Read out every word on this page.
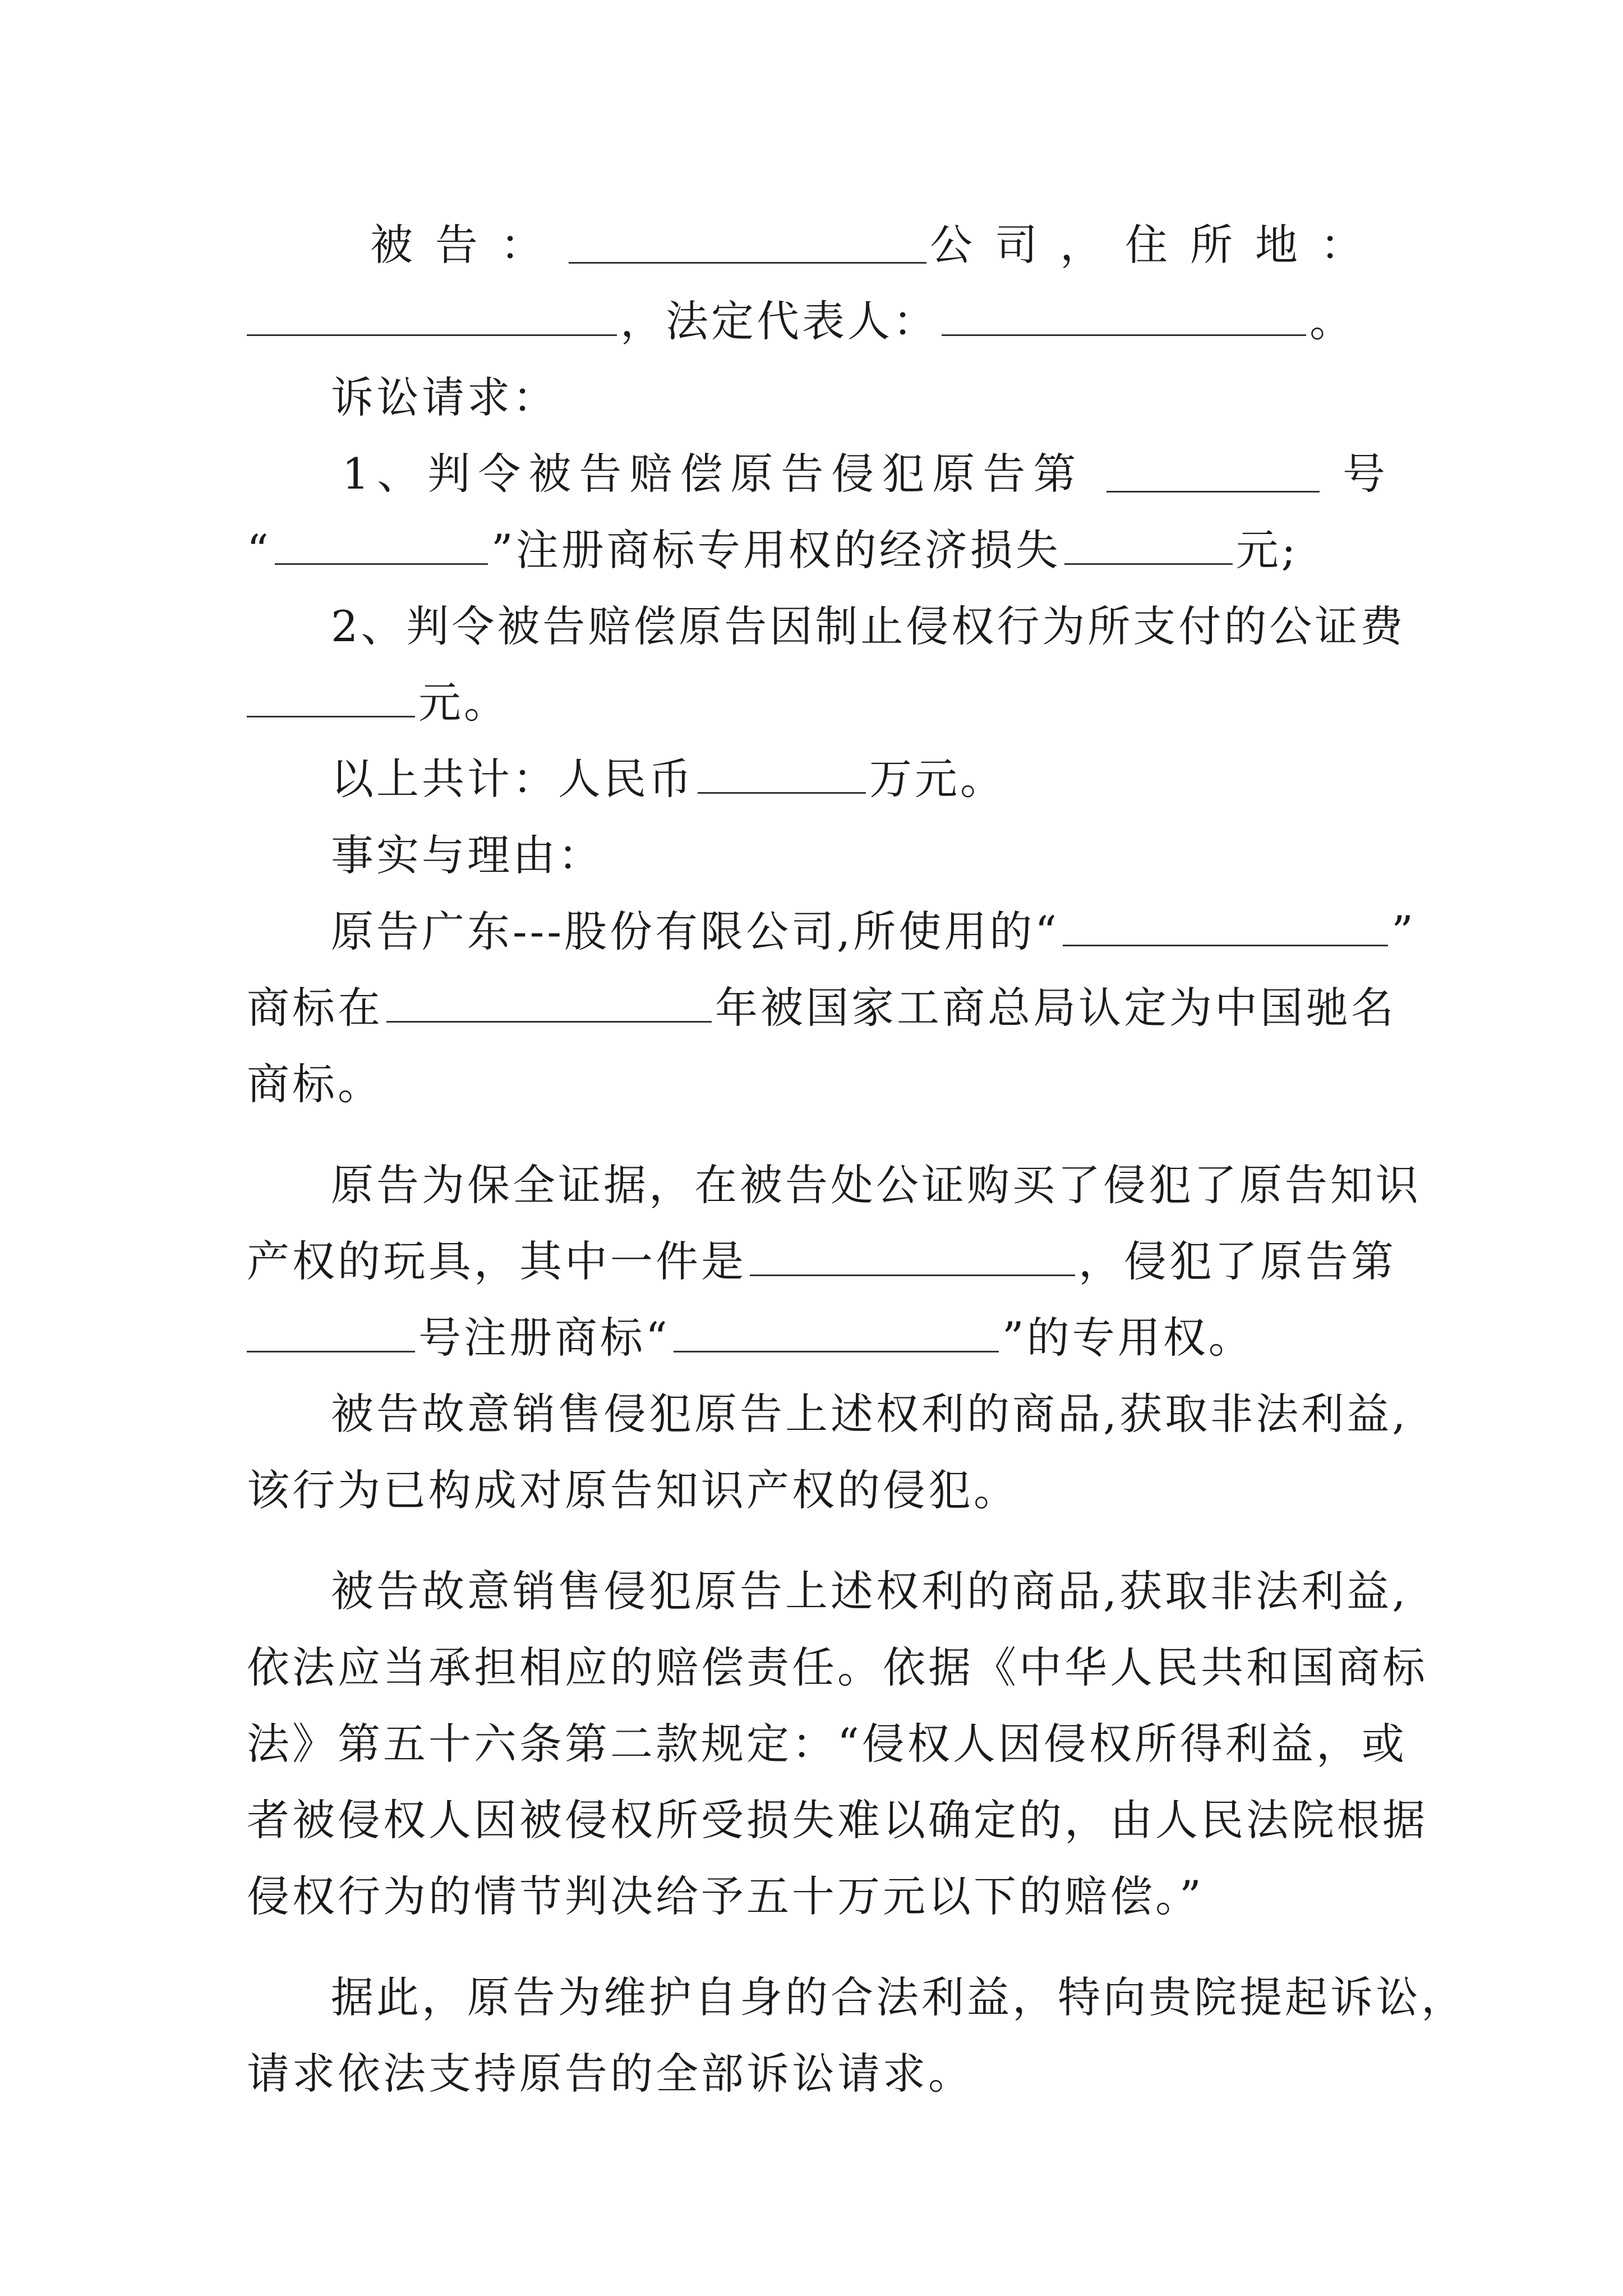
被告：	公司，住所地：
，法定代表人：	。
诉讼请求：
1、判令被告赔偿原告侵犯原告第	号
“	”注册商标专用权的经济损失	元;
2、判令被告赔偿原告因制止侵权行为所支付的公证费
元。
以上共计：人民币	万元。
事实与理由：
原告广东---股份有限公司,所使用的“	”
商标在	年被国家工商总局认定为中国驰名
商标。
原告为保全证据，在被告处公证购买了侵犯了原告知识
产权的玩具，其中一件是	，侵犯了原告第
号注册商标“	”的专用权。
被告故意销售侵犯原告上述权利的商品,获取非法利益,
该行为已构成对原告知识产权的侵犯。
被告故意销售侵犯原告上述权利的商品,获取非法利益,
依法应当承担相应的赔偿责任。依据《中华人民共和国商标
法》第五十六条第二款规定：“侵权人因侵权所得利益，或
者被侵权人因被侵权所受损失难以确定的，由人民法院根据
侵权行为的情节判决给予五十万元以下的赔偿。”
据此，原告为维护自身的合法利益，特向贵院提起诉讼，
请求依法支持原告的全部诉讼请求。
